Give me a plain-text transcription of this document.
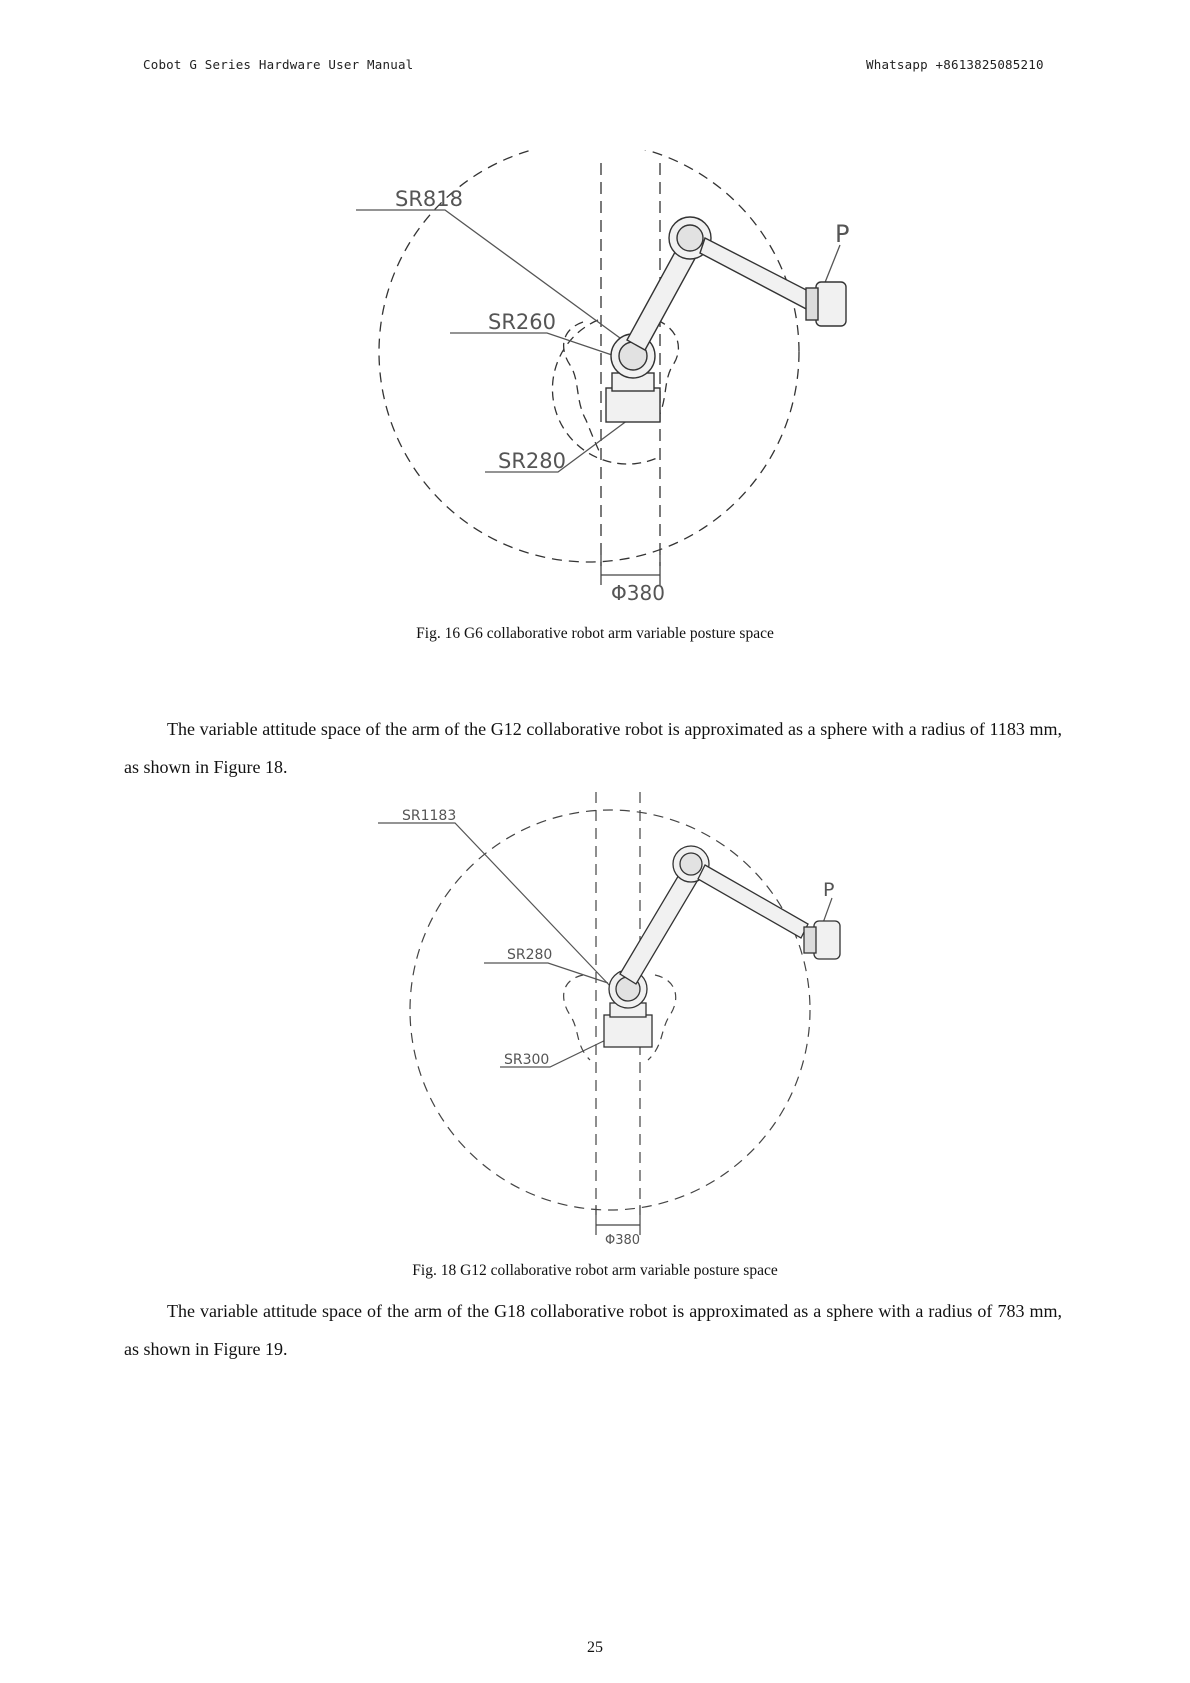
Cobot G Series Hardware User Manual	Whatsapp +8613825085210
SR818
SR260
SR280
P
Φ380
Fig. 16 G6 collaborative robot arm variable posture space

The variable attitude space of the arm of the G12 collaborative robot is approximated as a sphere with a radius of 1183 mm, as shown in Figure 18.

SR1183
SR280
SR300
P
Φ380
Fig. 18 G12 collaborative robot arm variable posture space

The variable attitude space of the arm of the G18 collaborative robot is approximated as a sphere with a radius of 783 mm, as shown in Figure 19.

25
